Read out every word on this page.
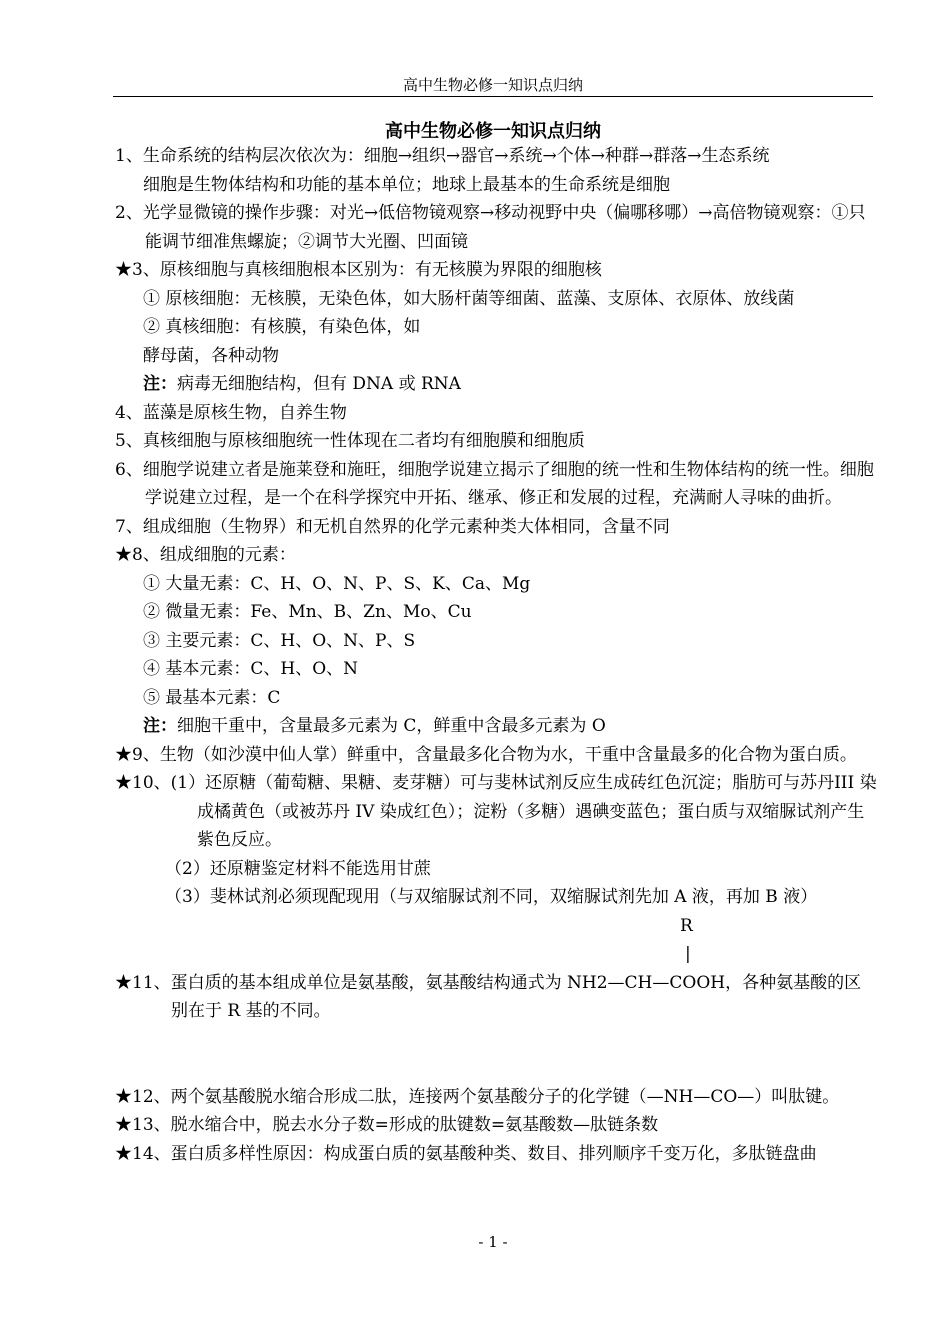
高中生物必修一知识点归纳
高中生物必修一知识点归纳

1、生命系统的结构层次依次为：细胞→组织→器官→系统→个体→种群→群落→生态系统

细胞是生物体结构和功能的基本单位；地球上最基本的生命系统是细胞

2、光学显微镜的操作步骤：对光→低倍物镜观察→移动视野中央（偏哪移哪）→高倍物镜观察：①只能调节细准焦螺旋；②调节大光圈、凹面镜

★3、原核细胞与真核细胞根本区别为：有无核膜为界限的细胞核

① 原核细胞：无核膜，无染色体，如大肠杆菌等细菌、蓝藻、支原体、衣原体、放线菌

② 真核细胞：有核膜，有染色体，如

酵母菌，各种动物

注：病毒无细胞结构，但有 DNA 或 RNA

4、蓝藻是原核生物，自养生物

5、真核细胞与原核细胞统一性体现在二者均有细胞膜和细胞质

6、细胞学说建立者是施莱登和施旺，细胞学说建立揭示了细胞的统一性和生物体结构的统一性。细胞学说建立过程，是一个在科学探究中开拓、继承、修正和发展的过程，充满耐人寻味的曲折。

7、组成细胞（生物界）和无机自然界的化学元素种类大体相同，含量不同

★8、组成细胞的元素：

① 大量无素：C、H、O、N、P、S、K、Ca、Mg

② 微量无素：Fe、Mn、B、Zn、Mo、Cu

③ 主要元素：C、H、O、N、P、S

④ 基本元素：C、H、O、N

⑤ 最基本元素：C

注：细胞干重中，含量最多元素为 C，鲜重中含最多元素为 O

★9、生物（如沙漠中仙人掌）鲜重中，含量最多化合物为水，干重中含量最多的化合物为蛋白质。

★10、(1）还原糖（葡萄糖、果糖、麦芽糖）可与斐林试剂反应生成砖红色沉淀；脂肪可与苏丹III 染成橘黄色（或被苏丹 IV 染成红色）；淀粉（多糖）遇碘变蓝色；蛋白质与双缩脲试剂产生紫色反应。

（2）还原糖鉴定材料不能选用甘蔗

（3）斐林试剂必须现配现用（与双缩脲试剂不同，双缩脲试剂先加 A 液，再加 B 液）

R

|

★11、蛋白质的基本组成单位是氨基酸，氨基酸结构通式为 NH2—CH—COOH，各种氨基酸的区别在于 R 基的不同。

★12、两个氨基酸脱水缩合形成二肽，连接两个氨基酸分子的化学键（—NH—CO—）叫肽键。

★13、脱水缩合中，脱去水分子数=形成的肽键数=氨基酸数—肽链条数

★14、蛋白质多样性原因：构成蛋白质的氨基酸种类、数目、排列顺序千变万化，多肽链盘曲

- 1 -
